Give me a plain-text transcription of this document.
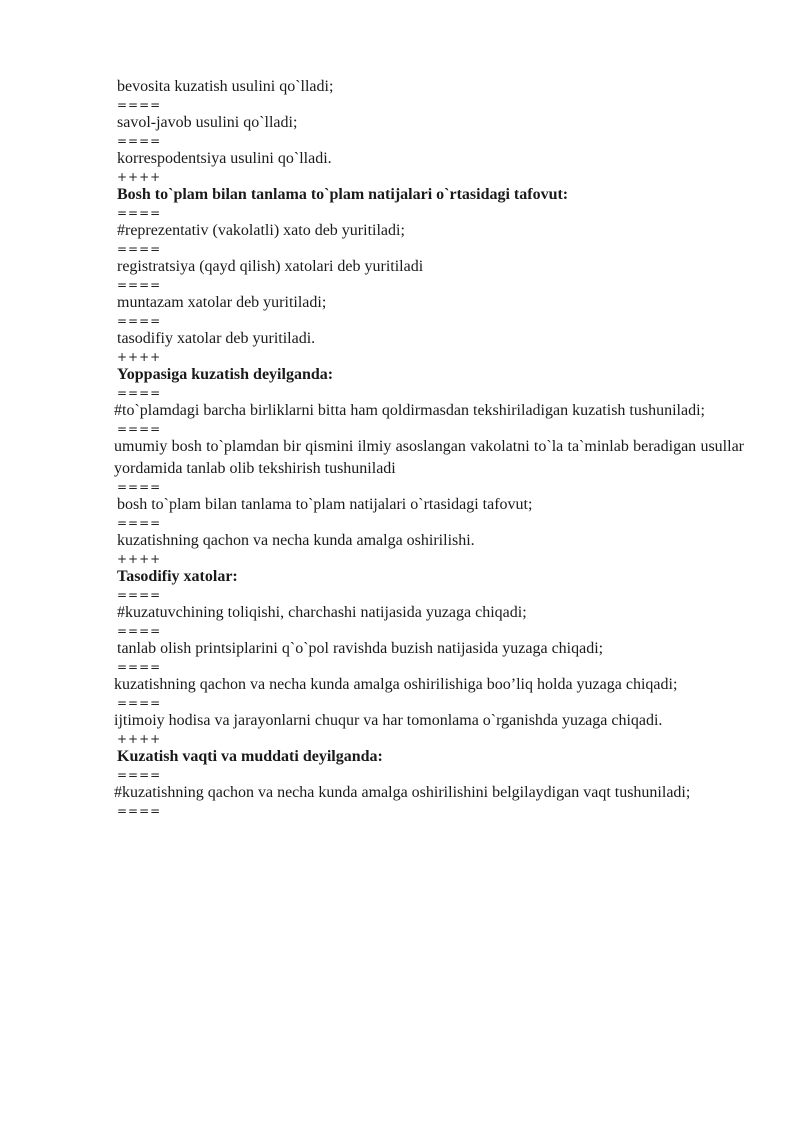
bevosita kuzatish usulini qo`lladi;
====
savol-javob usulini qo`lladi;
====
korrespodentsiya usulini qo`lladi.
++++
Bosh to`plam bilan tanlama to`plam natijalari o`rtasidagi tafovut:
====
#reprezentativ (vakolatli) xato deb yuritiladi;
====
registratsiya (qayd qilish) xatolari deb yuritiladi
====
muntazam xatolar deb yuritiladi;
====
tasodifiy xatolar deb yuritiladi.
++++
Yoppasiga kuzatish deyilganda:
====
#to`plamdagi barcha birliklarni bitta ham qoldirmasdan tekshiriladigan kuzatish tushuniladi;
====
umumiy bosh to`plamdan bir qismini ilmiy asoslangan vakolatni to`la ta`minlab beradigan usullar yordamida tanlab olib tekshirish tushuniladi
====
bosh to`plam bilan tanlama to`plam natijalari o`rtasidagi tafovut;
====
kuzatishning qachon va necha kunda amalga oshirilishi.
++++
Tasodifiy xatolar:
====
#kuzatuvchining toliqishi, charchashi natijasida yuzaga chiqadi;
====
tanlab olish printsiplarini q`o`pol ravishda buzish natijasida yuzaga chiqadi;
====
kuzatishning qachon va necha kunda amalga oshirilishiga boo’liq holda yuzaga chiqadi;
====
ijtimoiy hodisa va jarayonlarni chuqur va har tomonlama o`rganishda yuzaga chiqadi.
++++
Kuzatish vaqti va muddati deyilganda:
====
#kuzatishning qachon va necha kunda amalga oshirilishini belgilaydigan vaqt tushuniladi;
====
